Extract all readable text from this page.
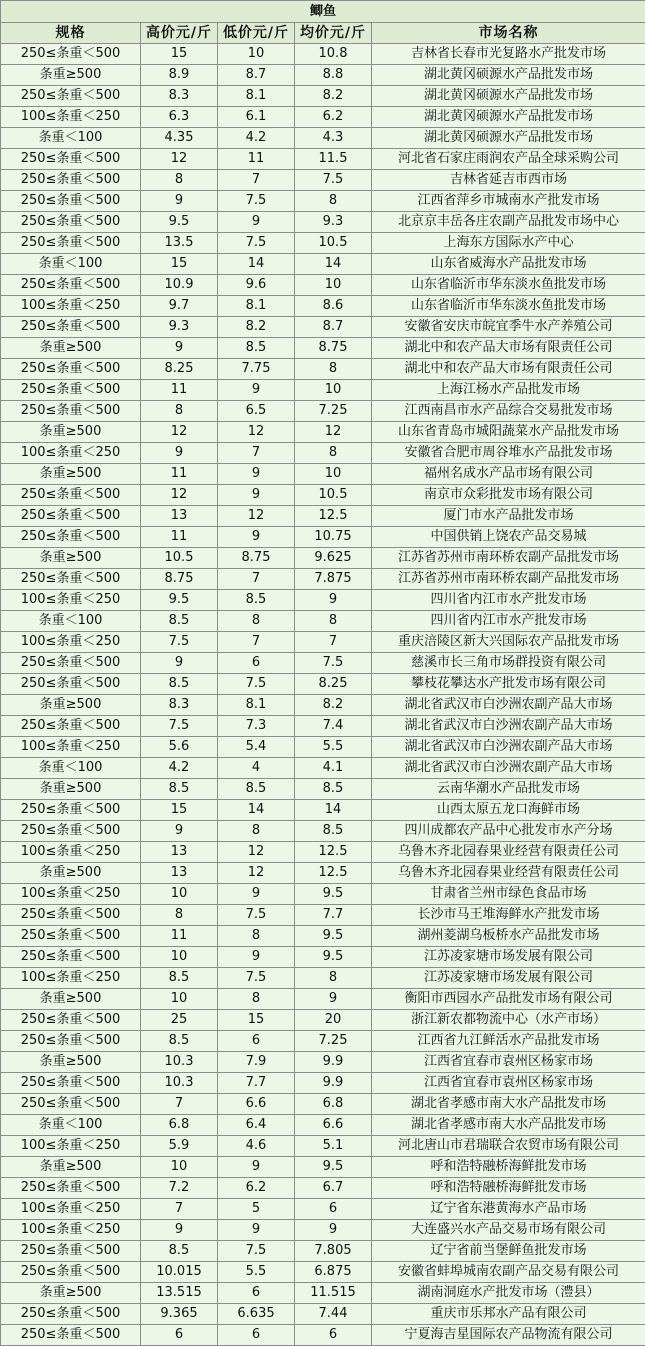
鲫鱼				
规格	高价元/斤	低价元/斤	均价元/斤	市场名称
250≤条重＜500	15	10	10.8	吉林省长春市光复路水产批发市场
条重≥500	8.9	8.7	8.8	湖北黄冈硕源水产品批发市场
250≤条重＜500	8.3	8.1	8.2	湖北黄冈硕源水产品批发市场
100≤条重＜250	6.3	6.1	6.2	湖北黄冈硕源水产品批发市场
条重＜100	4.35	4.2	4.3	湖北黄冈硕源水产品批发市场
250≤条重＜500	12	11	11.5	河北省石家庄雨润农产品全球采购公司
250≤条重＜500	8	7	7.5	吉林省延吉市西市场
250≤条重＜500	9	7.5	8	江西省萍乡市城南水产批发市场
250≤条重＜500	9.5	9	9.3	北京京丰岳各庄农副产品批发市场中心
250≤条重＜500	13.5	7.5	10.5	上海东方国际水产中心
条重＜100	15	14	14	山东省威海水产品批发市场
250≤条重＜500	10.9	9.6	10	山东省临沂市华东淡水鱼批发市场
100≤条重＜250	9.7	8.1	8.6	山东省临沂市华东淡水鱼批发市场
250≤条重＜500	9.3	8.2	8.7	安徽省安庆市皖宜季牛水产养殖公司
条重≥500	9	8.5	8.75	湖北中和农产品大市场有限责任公司
250≤条重＜500	8.25	7.75	8	湖北中和农产品大市场有限责任公司
250≤条重＜500	11	9	10	上海江杨水产品批发市场
250≤条重＜500	8	6.5	7.25	江西南昌市水产品综合交易批发市场
条重≥500	12	12	12	山东省青岛市城阳蔬菜水产品批发市场
100≤条重＜250	9	7	8	安徽省合肥市周谷堆水产品批发市场
条重≥500	11	9	10	福州名成水产品市场有限公司
250≤条重＜500	12	9	10.5	南京市众彩批发市场有限公司
250≤条重＜500	13	12	12.5	厦门市水产品批发市场
250≤条重＜500	11	9	10.75	中国供销上饶农产品交易城
条重≥500	10.5	8.75	9.625	江苏省苏州市南环桥农副产品批发市场
250≤条重＜500	8.75	7	7.875	江苏省苏州市南环桥农副产品批发市场
100≤条重＜250	9.5	8.5	9	四川省内江市水产批发市场
条重＜100	8.5	8	8	四川省内江市水产批发市场
100≤条重＜250	7.5	7	7	重庆涪陵区新大兴国际农产品批发市场
250≤条重＜500	9	6	7.5	慈溪市长三角市场群投资有限公司
250≤条重＜500	8.5	7.5	8.25	攀枝花攀达水产批发市场有限公司
条重≥500	8.3	8.1	8.2	湖北省武汉市白沙洲农副产品大市场
250≤条重＜500	7.5	7.3	7.4	湖北省武汉市白沙洲农副产品大市场
100≤条重＜250	5.6	5.4	5.5	湖北省武汉市白沙洲农副产品大市场
条重＜100	4.2	4	4.1	湖北省武汉市白沙洲农副产品大市场
条重≥500	8.5	8.5	8.5	云南华潮水产品批发市场
250≤条重＜500	15	14	14	山西太原五龙口海鲜市场
250≤条重＜500	9	8	8.5	四川成都农产品中心批发市水产分场
100≤条重＜250	13	12	12.5	乌鲁木齐北园春果业经营有限责任公司
条重≥500	13	12	12.5	乌鲁木齐北园春果业经营有限责任公司
100≤条重＜250	10	9	9.5	甘肃省兰州市绿色食品市场
250≤条重＜500	8	7.5	7.7	长沙市马王堆海鲜水产批发市场
250≤条重＜500	11	8	9.5	湖州菱湖乌板桥水产品批发市场
250≤条重＜500	10	9	9.5	江苏凌家塘市场发展有限公司
100≤条重＜250	8.5	7.5	8	江苏凌家塘市场发展有限公司
条重≥500	10	8	9	衡阳市西园水产品批发市场有限公司
250≤条重＜500	25	15	20	浙江新农都物流中心（水产市场）
250≤条重＜500	8.5	6	7.25	江西省九江鲜活水产品批发市场
条重≥500	10.3	7.9	9.9	江西省宜春市袁州区杨家市场
250≤条重＜500	10.3	7.7	9.9	江西省宜春市袁州区杨家市场
250≤条重＜500	7	6.6	6.8	湖北省孝感市南大水产品批发市场
条重＜100	6.8	6.4	6.6	湖北省孝感市南大水产品批发市场
100≤条重＜250	5.9	4.6	5.1	河北唐山市君瑞联合农贸市场有限公司
条重≥500	10	9	9.5	呼和浩特融桥海鲜批发市场
250≤条重＜500	7.2	6.2	6.7	呼和浩特融桥海鲜批发市场
100≤条重＜250	7	5	6	辽宁省东港黄海水产品市场
100≤条重＜250	9	9	9	大连盛兴水产品交易市场有限公司
250≤条重＜500	8.5	7.5	7.805	辽宁省前当堡鲜鱼批发市场
250≤条重＜500	10.015	5.5	6.875	安徽省蚌埠城南农副产品交易有限公司
条重≥500	13.515	6	11.515	湖南洞庭水产批发市场（澧县）
250≤条重＜500	9.365	6.635	7.44	重庆市乐邦水产品有限公司
250≤条重＜500	6	6	6	宁夏海吉星国际农产品物流有限公司
